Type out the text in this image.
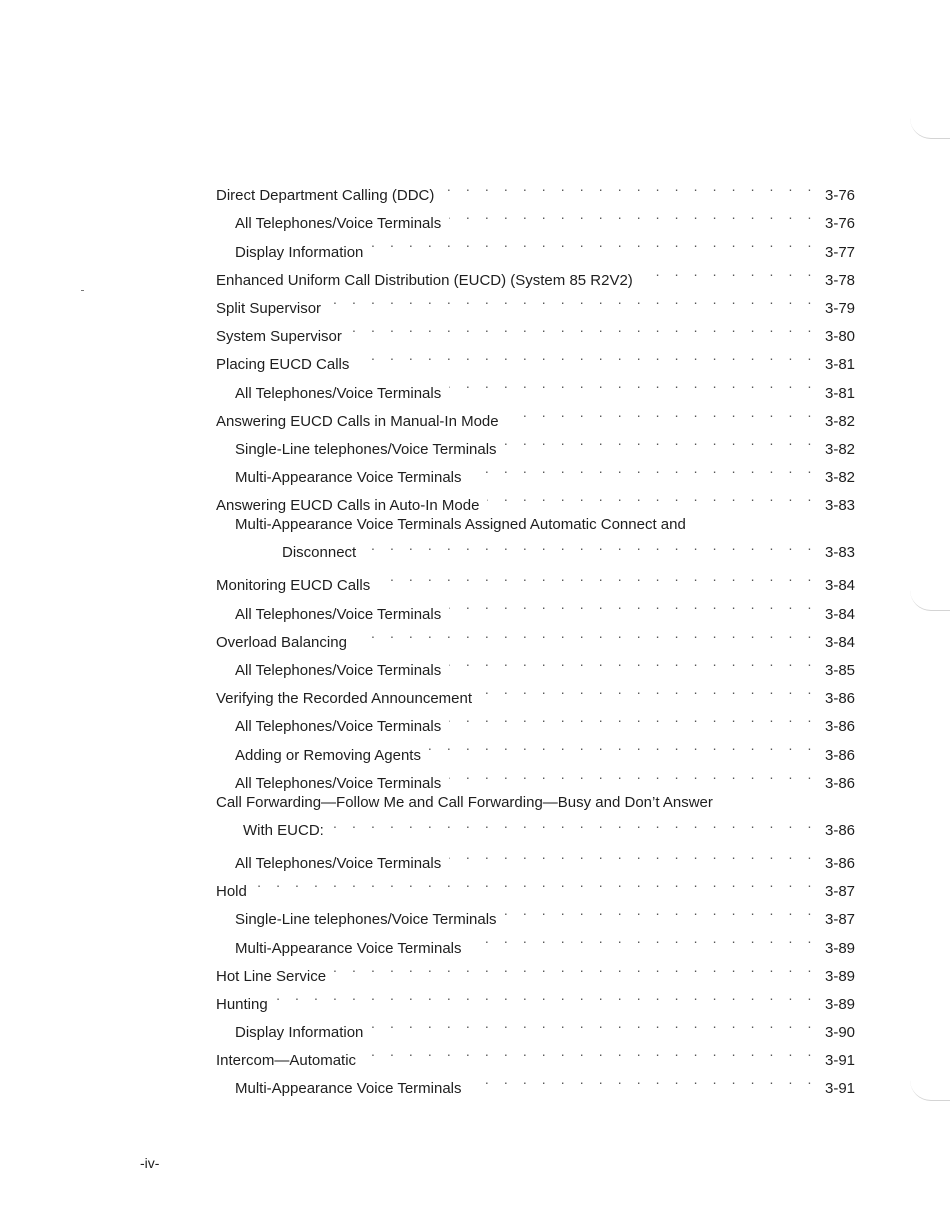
Direct Department Calling (DDC) . . .	3-76
All Telephones/Voice Terminals . . .	3-76
Display Information . . .	3-77
Enhanced Uniform Call Distribution (EUCD) (System 85 R2V2) . . .	3-78
Split Supervisor . . .	3-79
System Supervisor . . .	3-80
Placing EUCD Calls . . .	3-81
All Telephones/Voice Terminals . . .	3-81
Answering EUCD Calls in Manual-In Mode . . .	3-82
Single-Line telephones/Voice Terminals . . .	3-82
Multi-Appearance Voice Terminals . . .	3-82
Answering EUCD Calls in Auto-In Mode . . .	3-83
Multi-Appearance Voice Terminals Assigned Automatic Connect and
Disconnect . . .	3-83
Monitoring EUCD Calls . . .	3-84
All Telephones/Voice Terminals . . .	3-84
Overload Balancing . . .	3-84
All Telephones/Voice Terminals . . .	3-85
Verifying the Recorded Announcement . . .	3-86
All Telephones/Voice Terminals . . .	3-86
Adding or Removing Agents . . .	3-86
All Telephones/Voice Terminals . . .	3-86
Call Forwarding—Follow Me and Call Forwarding—Busy and Don’t Answer
With EUCD: . . .	3-86
All Telephones/Voice Terminals . . .	3-86
Hold . . .	3-87
Single-Line telephones/Voice Terminals . . .	3-87
Multi-Appearance Voice Terminals . . .	3-89
Hot Line Service . . .	3-89
Hunting . . .	3-89
Display Information . . .	3-90
Intercom—Automatic . . .	3-91
Multi-Appearance Voice Terminals . . .	3-91
-iv-
